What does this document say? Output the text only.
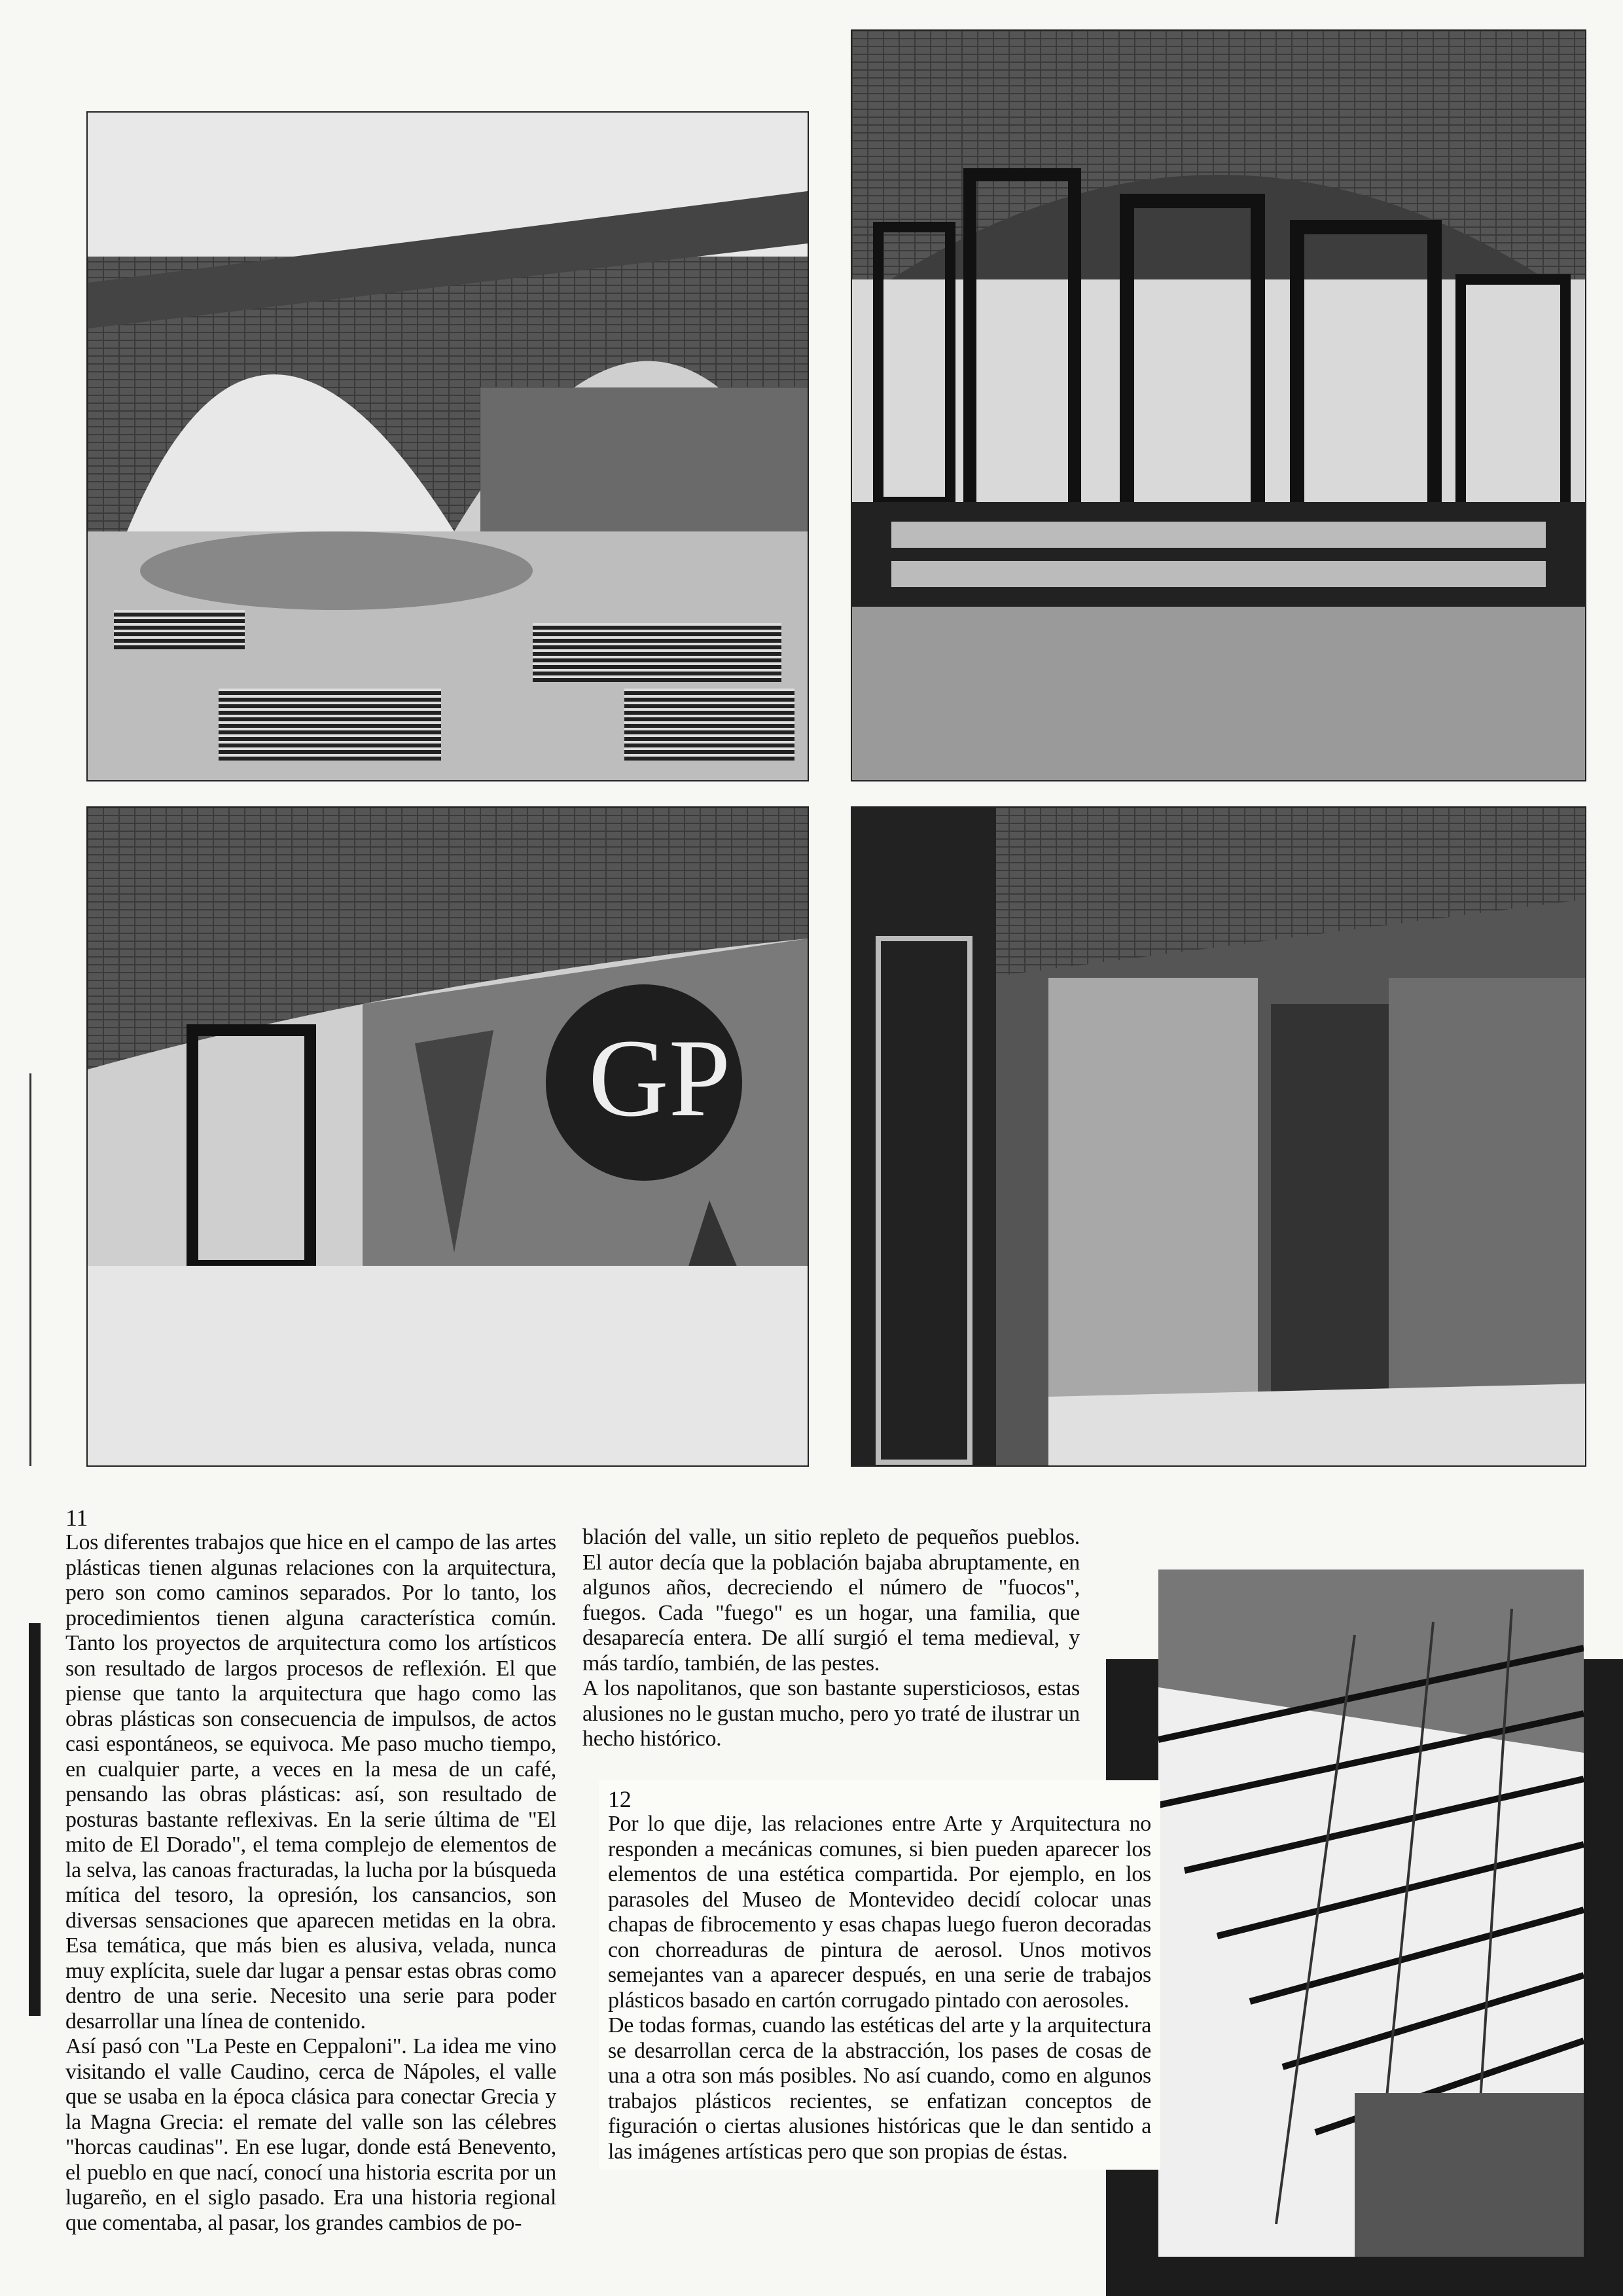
GP

11

Los diferentes trabajos que hice en el campo de las artes plásticas tienen algunas relaciones con la arquitectura, pero son como caminos separados. Por lo tanto, los procedimientos tienen alguna característica común. Tanto los proyectos de arquitectura como los artísticos son resultado de largos procesos de reflexión. El que piense que tanto la arquitectura que hago como las obras plásticas son consecuencia de impulsos, de actos casi espontáneos, se equivoca. Me paso mucho tiempo, en cualquier parte, a veces en la mesa de un café, pensando las obras plásticas: así, son resultado de posturas bastante reflexivas. En la serie última de "El mito de El Dorado", el tema complejo de elementos de la selva, las canoas fracturadas, la lucha por la búsqueda mítica del tesoro, la opresión, los cansancios, son diversas sensaciones que aparecen metidas en la obra. Esa temática, que más bien es alusiva, velada, nunca muy explícita, suele dar lugar a pensar estas obras como dentro de una serie. Necesito una serie para poder desarrollar una línea de contenido.

Así pasó con "La Peste en Ceppaloni". La idea me vino visitando el valle Caudino, cerca de Nápoles, el valle que se usaba en la época clásica para conectar Grecia y la Magna Grecia: el remate del valle son las célebres "horcas caudinas". En ese lugar, donde está Benevento, el pueblo en que nací, conocí una historia escrita por un lugareño, en el siglo pasado. Era una historia regional que comentaba, al pasar, los grandes cambios de po-

blación del valle, un sitio repleto de pequeños pueblos. El autor decía que la población bajaba abruptamente, en algunos años, decreciendo el número de "fuocos", fuegos. Cada "fuego" es un hogar, una familia, que desaparecía entera. De allí surgió el tema medieval, y más tardío, también, de las pestes.

A los napolitanos, que son bastante supersticiosos, estas alusiones no le gustan mucho, pero yo traté de ilustrar un hecho histórico.

12

Por lo que dije, las relaciones entre Arte y Arquitectura no responden a mecánicas comunes, si bien pueden aparecer los elementos de una estética compartida. Por ejemplo, en los parasoles del Museo de Montevideo decidí colocar unas chapas de fibrocemento y esas chapas luego fueron decoradas con chorreaduras de pintura de aerosol. Unos motivos semejantes van a aparecer después, en una serie de trabajos plásticos basado en cartón corrugado pintado con aerosoles.

De todas formas, cuando las estéticas del arte y la arquitectura se desarrollan cerca de la abstracción, los pases de cosas de una a otra son más posibles. No así cuando, como en algunos trabajos plásticos recientes, se enfatizan conceptos de figuración o ciertas alusiones históricas que le dan sentido a las imágenes artísticas pero que son propias de éstas.
